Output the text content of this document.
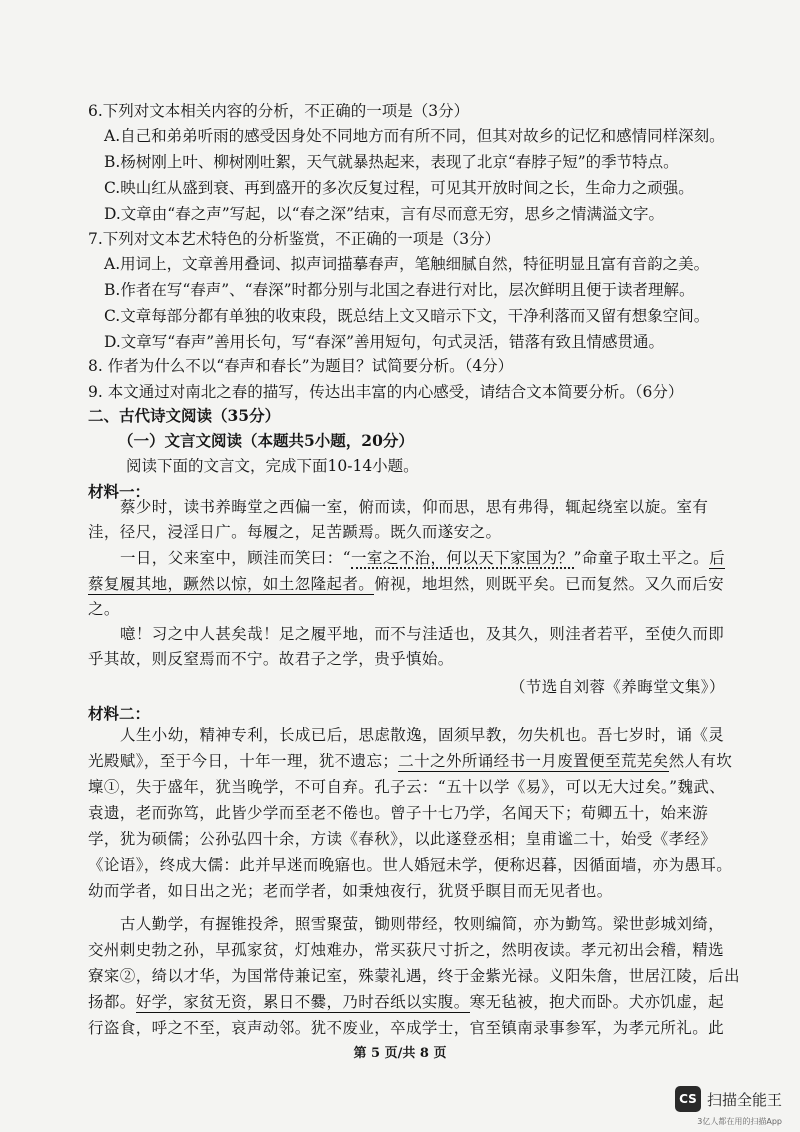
6.下列对文本相关内容的分析，不正确的一项是（3分）
A.自己和弟弟听雨的感受因身处不同地方而有所不同，但其对故乡的记忆和感情同样深刻。
B.杨树刚上叶、柳树刚吐絮，天气就暴热起来，表现了北京“春脖子短”的季节特点。
C.映山红从盛到衰、再到盛开的多次反复过程，可见其开放时间之长，生命力之顽强。
D.文章由“春之声”写起，以“春之深”结束，言有尽而意无穷，思乡之情满溢文字。
7.下列对文本艺术特色的分析鉴赏，不正确的一项是（3分）
A.用词上，文章善用叠词、拟声词描摹春声，笔触细腻自然，特征明显且富有音韵之美。
B.作者在写“春声”、“春深”时都分别与北国之春进行对比，层次鲜明且便于读者理解。
C.文章每部分都有单独的收束段，既总结上文又暗示下文，干净利落而又留有想象空间。
D.文章写“春声”善用长句，写“春深”善用短句，句式灵活，错落有致且情感贯通。
8. 作者为什么不以“春声和春长”为题目？试简要分析。（4分）
9. 本文通过对南北之春的描写，传达出丰富的内心感受，请结合文本简要分析。（6分）
二、古代诗文阅读（35分）
（一）文言文阅读（本题共5小题，20分）
阅读下面的文言文，完成下面10-14小题。
材料一：
蔡少时，读书养晦堂之西偏一室，俯而读，仰而思，思有弗得，辄起绕室以旋。室有
洼，径尺，浸淫日广。每履之，足苦踬焉。既久而遂安之。
一日，父来室中，顾洼而笑曰：“一室之不治，何以天下家国为？”命童子取土平之。后
蔡复履其地，蹶然以惊，如土忽隆起者。俯视，地坦然，则既平矣。已而复然。又久而后安
之。
噫！习之中人甚矣哉！足之履平地，而不与洼适也，及其久，则洼者若平，至使久而即
乎其故，则反窒焉而不宁。故君子之学，贵乎慎始。
（节选自刘蓉《养晦堂文集》）
材料二：
人生小幼，精神专利，长成已后，思虑散逸，固须早教，勿失机也。吾七岁时，诵《灵
光殿赋》，至于今日，十年一理，犹不遗忘；二十之外所诵经书一月废置便至荒芜矣然人有坎
壈①，失于盛年，犹当晚学，不可自弃。孔子云：“五十以学《易》，可以无大过矣。”魏武、
袁遗，老而弥笃，此皆少学而至老不倦也。曾子十七乃学，名闻天下；荀卿五十，始来游
学，犹为硕儒；公孙弘四十余，方读《春秋》，以此遂登丞相；皇甫谧二十，始受《孝经》
《论语》，终成大儒：此并早迷而晚寤也。世人婚冠未学，便称迟暮，因循面墙，亦为愚耳。
幼而学者，如日出之光；老而学者，如秉烛夜行，犹贤乎瞑目而无见者也。
古人勤学，有握锥投斧，照雪聚萤，锄则带经，牧则编简，亦为勤笃。梁世彭城刘绮，
交州刺史勃之孙，早孤家贫，灯烛难办，常买荻尺寸折之，然明夜读。孝元初出会稽，精选
寮寀②，绮以才华，为国常侍兼记室，殊蒙礼遇，终于金紫光禄。义阳朱詹，世居江陵，后出
扬都。好学，家贫无资，累日不爨，乃时吞纸以实腹。寒无毡被，抱犬而卧。犬亦饥虚，起
行盗食，呼之不至，哀声动邻。犹不废业，卒成学士，官至镇南录事参军，为孝元所礼。此
第 5 页/共 8 页
CS 扫描全能王
3亿人都在用的扫描App
